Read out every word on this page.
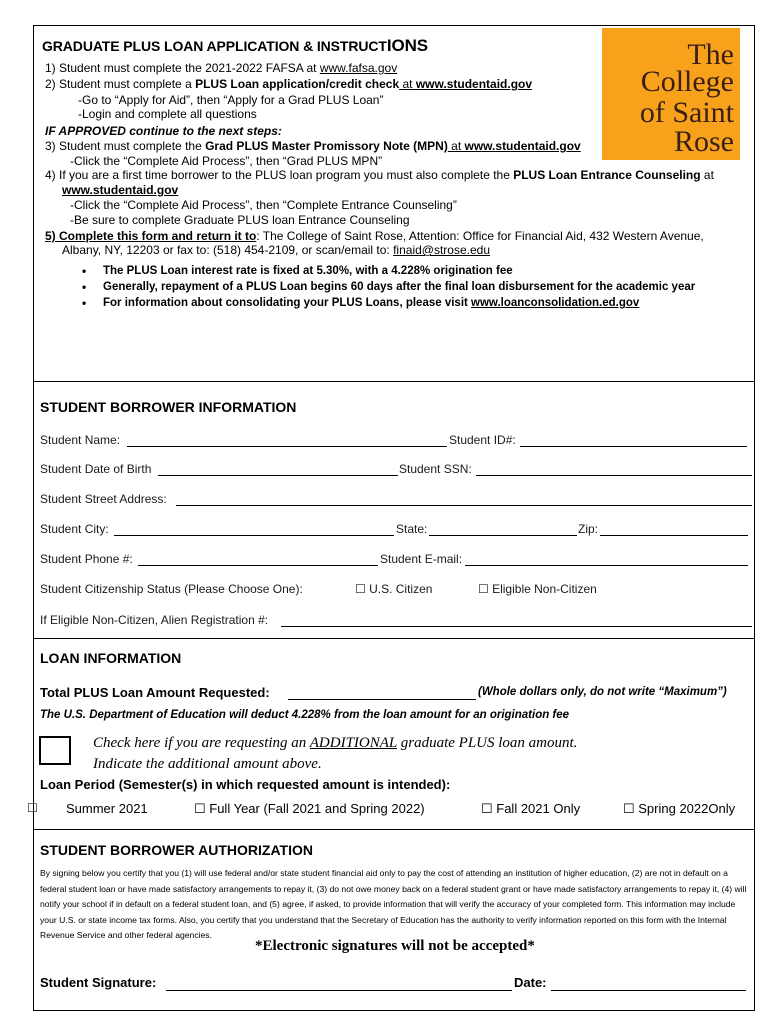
GRADUATE PLUS LOAN APPLICATION & INSTRUCTIONS	The
College
of Saint
Rose
1) Student must complete the 2021-2022 FAFSA at www.fafsa.gov
2) Student must complete a PLUS Loan application/credit check at www.studentaid.gov
-Go to “Apply for Aid”, then “Apply for a Grad PLUS Loan”
-Login and complete all questions
IF APPROVED continue to the next steps:
3) Student must complete the Grad PLUS Master Promissory Note (MPN) at www.studentaid.gov
-Click the “Complete Aid Process”, then “Grad PLUS MPN”
4) If you are a first time borrower to the PLUS loan program you must also complete the PLUS Loan Entrance Counseling at
www.studentaid.gov
-Click the “Complete Aid Process”, then “Complete Entrance Counseling”
-Be sure to complete Graduate PLUS loan Entrance Counseling
5) Complete this form and return it to: The College of Saint Rose, Attention: Office for Financial Aid, 432 Western Avenue,
Albany, NY, 12203 or fax to: (518) 454-2109, or scan/email to: finaid@strose.edu
• The PLUS Loan interest rate is fixed at 5.30%, with a 4.228% origination fee
• Generally, repayment of a PLUS Loan begins 60 days after the final loan disbursement for the academic year
• For information about consolidating your PLUS Loans, please visit www.loanconsolidation.ed.gov
STUDENT BORROWER INFORMATION
Student Name:	Student ID#:
Student Date of Birth	Student SSN:
Student Street Address:
Student City:	State:	Zip:
Student Phone #:	Student E-mail:
Student Citizenship Status (Please Choose One):	☐ U.S. Citizen	☐ Eligible Non-Citizen
If Eligible Non-Citizen, Alien Registration #:
LOAN INFORMATION
Total PLUS Loan Amount Requested:	(Whole dollars only, do not write “Maximum”)
The U.S. Department of Education will deduct 4.228% from the loan amount for an origination fee
Check here if you are requesting an ADDITIONAL graduate PLUS loan amount.
Indicate the additional amount above.
Loan Period (Semester(s) in which requested amount is intended):
☐ Summer 2021	☐ Full Year (Fall 2021 and Spring 2022)	☐ Fall 2021 Only	☐ Spring 2022Only
STUDENT BORROWER AUTHORIZATION
By signing below you certify that you (1) will use federal and/or state student financial aid only to pay the cost of attending an institution of higher education, (2) are not in default on a federal student loan or have made satisfactory arrangements to repay it, (3) do not owe money back on a federal student grant or have made satisfactory arrangements to repay it, (4) will notify your school if in default on a federal student loan, and (5) agree, if asked, to provide information that will verify the accuracy of your completed form. This information may include your U.S. or state income tax forms. Also, you certify that you understand that the Secretary of Education has the authority to verify information reported on this form with the Internal Revenue Service and other federal agencies.
*Electronic signatures will not be accepted*
Student Signature:	Date:
